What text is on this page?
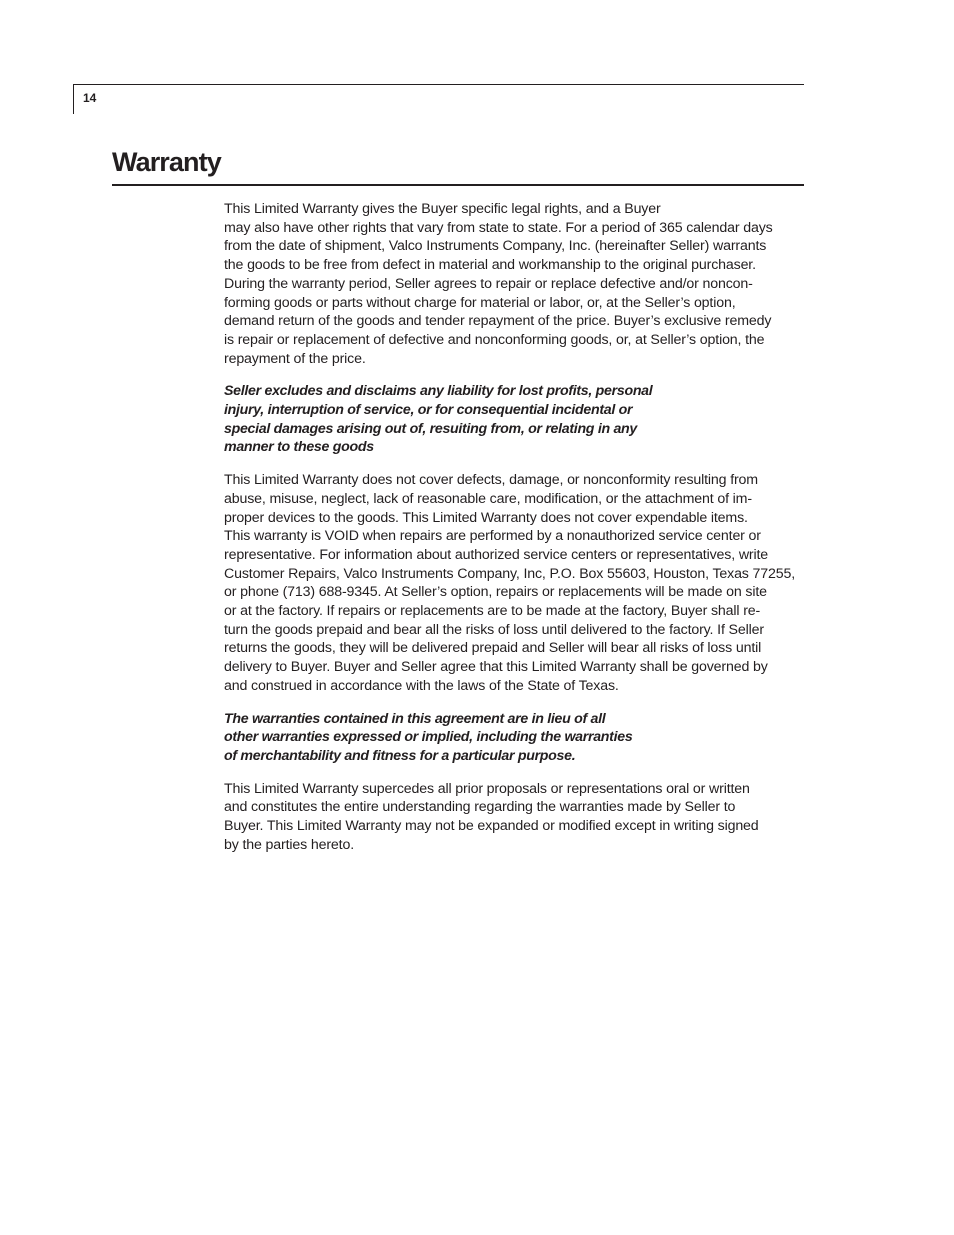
14
Warranty

This Limited Warranty gives the Buyer specific legal rights, and a Buyer
may also have other rights that vary from state to state. For a period of 365 calendar days
from the date of shipment, Valco Instruments Company, Inc. (hereinafter Seller) warrants
the goods to be free from defect in material and workmanship to the original purchaser.
During the warranty period, Seller agrees to repair or replace defective and/or noncon-
forming goods or parts without charge for material or labor, or, at the Seller’s option,
demand return of the goods and tender repayment of the price. Buyer’s exclusive remedy
is repair or replacement of defective and nonconforming goods, or, at Seller’s option, the
repayment of the price.

Seller excludes and disclaims any liability for lost profits, personal
injury, interruption of service, or for consequential incidental or
special damages arising out of, resuiting from, or relating in any
manner to these goods

This Limited Warranty does not cover defects, damage, or nonconformity resulting from
abuse, misuse, neglect, lack of reasonable care, modification, or the attachment of im-
proper devices to the goods. This Limited Warranty does not cover expendable items.
This warranty is VOID when repairs are performed by a nonauthorized service center or
representative. For information about authorized service centers or representatives, write
Customer Repairs, Valco Instruments Company, Inc, P.O. Box 55603, Houston, Texas 77255,
or phone (713) 688-9345. At Seller’s option, repairs or replacements will be made on site
or at the factory. If repairs or replacements are to be made at the factory, Buyer shall re-
turn the goods prepaid and bear all the risks of loss until delivered to the factory. If Seller
returns the goods, they will be delivered prepaid and Seller will bear all risks of loss until
delivery to Buyer. Buyer and Seller agree that this Limited Warranty shall be governed by
and construed in accordance with the laws of the State of Texas.

The warranties contained in this agreement are in lieu of all
other warranties expressed or implied, including the warranties
of merchantability and fitness for a particular purpose.

This Limited Warranty supercedes all prior proposals or representations oral or written
and constitutes the entire understanding regarding the warranties made by Seller to
Buyer. This Limited Warranty may not be expanded or modified except in writing signed
by the parties hereto.
